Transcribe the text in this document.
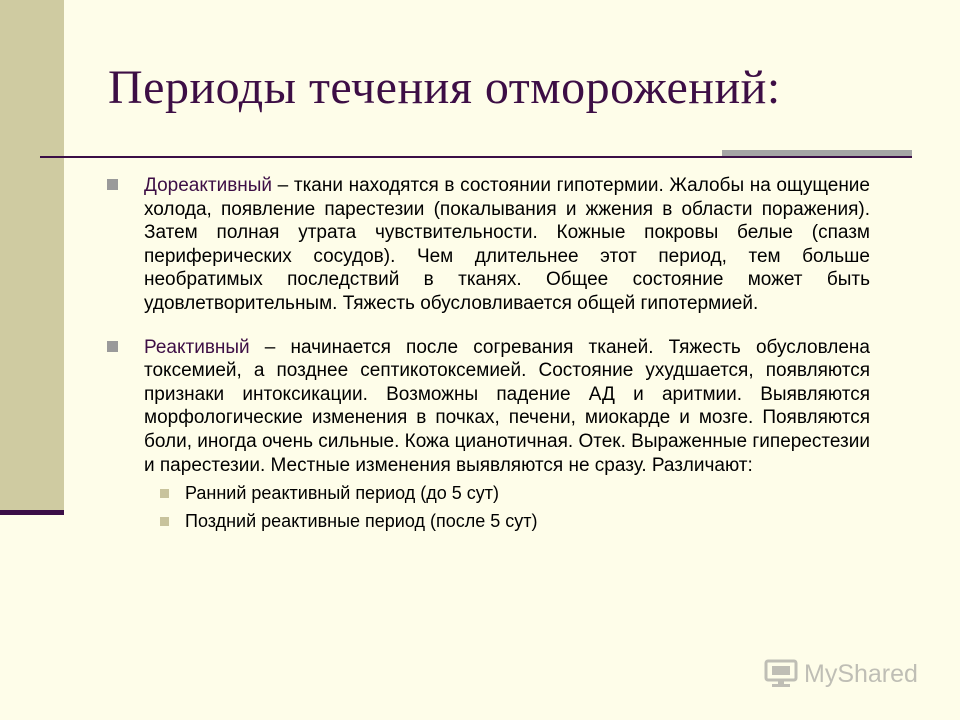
Периоды течения отморожений:

Дореактивный – ткани находятся в состоянии гипотермии. Жалобы на ощущение холода, появление парестезии (покалывания и жжения в области поражения). Затем полная утрата чувствительности. Кожные покровы белые (спазм периферических сосудов). Чем длительнее этот период, тем больше необратимых последствий в тканях. Общее состояние может быть удовлетворительным. Тяжесть обусловливается общей гипотермией.

Реактивный – начинается после согревания тканей. Тяжесть обусловлена токсемией, а позднее септикотоксемией. Состояние ухудшается, появляются признаки интоксикации. Возможны падение АД и аритмии. Выявляются морфологические изменения в почках, печени, миокарде и мозге. Появляются боли, иногда очень сильные. Кожа цианотичная. Отек. Выраженные гиперестезии и парестезии. Местные изменения выявляются не сразу. Различают:
Ранний реактивный период (до 5 сут)
Поздний реактивные период (после 5 сут)
MyShared
